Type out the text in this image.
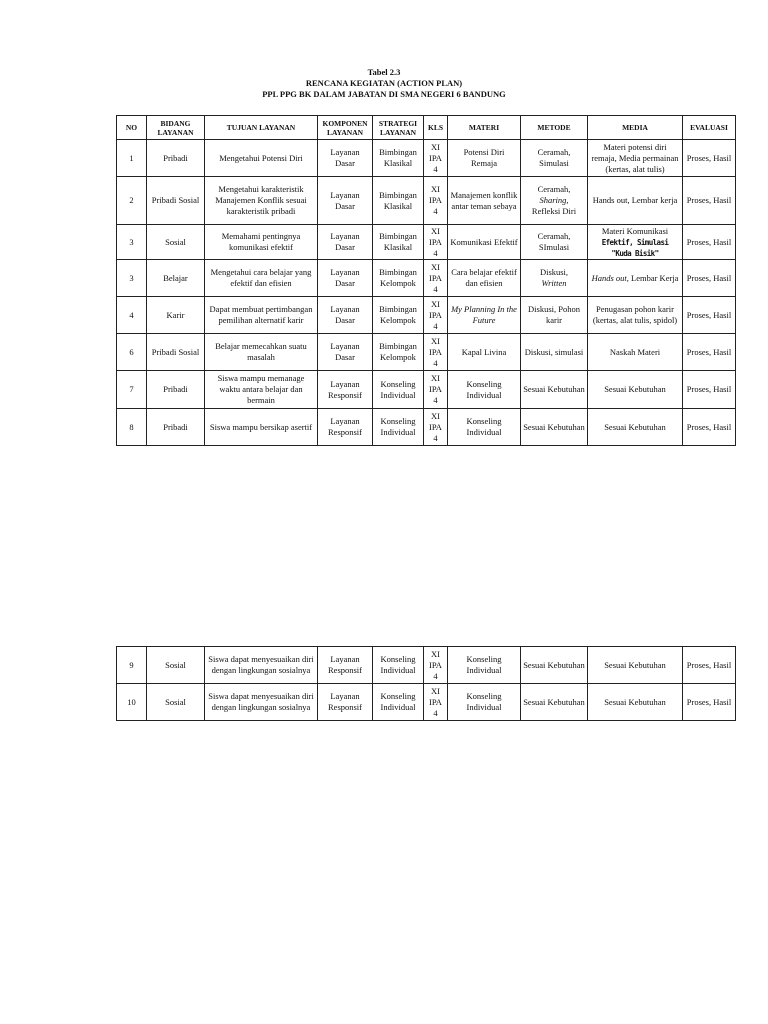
Tabel 2.3
RENCANA KEGIATAN (ACTION PLAN)
PPL PPG BK DALAM JABATAN DI SMA NEGERI 6 BANDUNG
NO	BIDANG LAYANAN	TUJUAN LAYANAN	KOMPONEN LAYANAN	STRATEGI LAYANAN	KLS	MATERI	METODE	MEDIA	EVALUASI
1	Pribadi	Mengetahui Potensi Diri	Layanan Dasar	Bimbingan Klasikal	XI
IPA
4	Potensi Diri Remaja	Ceramah, Simulasi	Materi potensi diri remaja, Media permainan (kertas, alat tulis)	Proses, Hasil
2	Pribadi Sosial	Mengetahui karakteristik Manajemen Konflik sesuai karakteristik pribadi	Layanan Dasar	Bimbingan Klasikal	XI
IPA
4	Manajemen konflik antar teman sebaya	Ceramah,
Sharing,
Refleksi Diri	Hands out, Lembar kerja	Proses, Hasil
3	Sosial	Memahami pentingnya komunikasi efektif	Layanan Dasar	Bimbingan Klasikal	XI
IPA
4	Komunikasi Efektif	Ceramah, SImulasi	Materi Komunikasi
Efektif, Simulasi "Kuda Bisik"	Proses, Hasil
3	Belajar	Mengetahui cara belajar yang efektif dan efisien	Layanan Dasar	Bimbingan Kelompok	XI
IPA
4	Cara belajar efektif dan efisien	Diskusi,
Written	Hands out, Lembar Kerja	Proses, Hasil
4	Karir	Dapat membuat pertimbangan pemilihan alternatif karir	Layanan Dasar	Bimbingan Kelompok	XI
IPA
4	My Planning In the Future	Diskusi, Pohon karir	Penugasan pohon karir (kertas, alat tulis, spidol)	Proses, Hasil
6	Pribadi Sosial	Belajar memecahkan suatu masalah	Layanan Dasar	Bimbingan Kelompok	XI
IPA
4	Kapal Livina	Diskusi, simulasi	Naskah Materi	Proses, Hasil
7	Pribadi	Siswa mampu memanage waktu antara belajar dan bermain	Layanan Responsif	Konseling Individual	XI
IPA
4	Konseling Individual	Sesuai Kebutuhan	Sesuai Kebutuhan	Proses, Hasil
8	Pribadi	Siswa mampu bersikap asertif	Layanan Responsif	Konseling Individual	XI
IPA
4	Konseling Individual	Sesuai Kebutuhan	Sesuai Kebutuhan	Proses, Hasil
9	Sosial	Siswa dapat menyesuaikan diri dengan lingkungan sosialnya	Layanan Responsif	Konseling Individual	XI
IPA
4	Konseling Individual	Sesuai Kebutuhan	Sesuai Kebutuhan	Proses, Hasil
10	Sosial	Siswa dapat menyesuaikan diri dengan lingkungan sosialnya	Layanan Responsif	Konseling Individual	XI
IPA
4	Konseling Individual	Sesuai Kebutuhan	Sesuai Kebutuhan	Proses, Hasil
